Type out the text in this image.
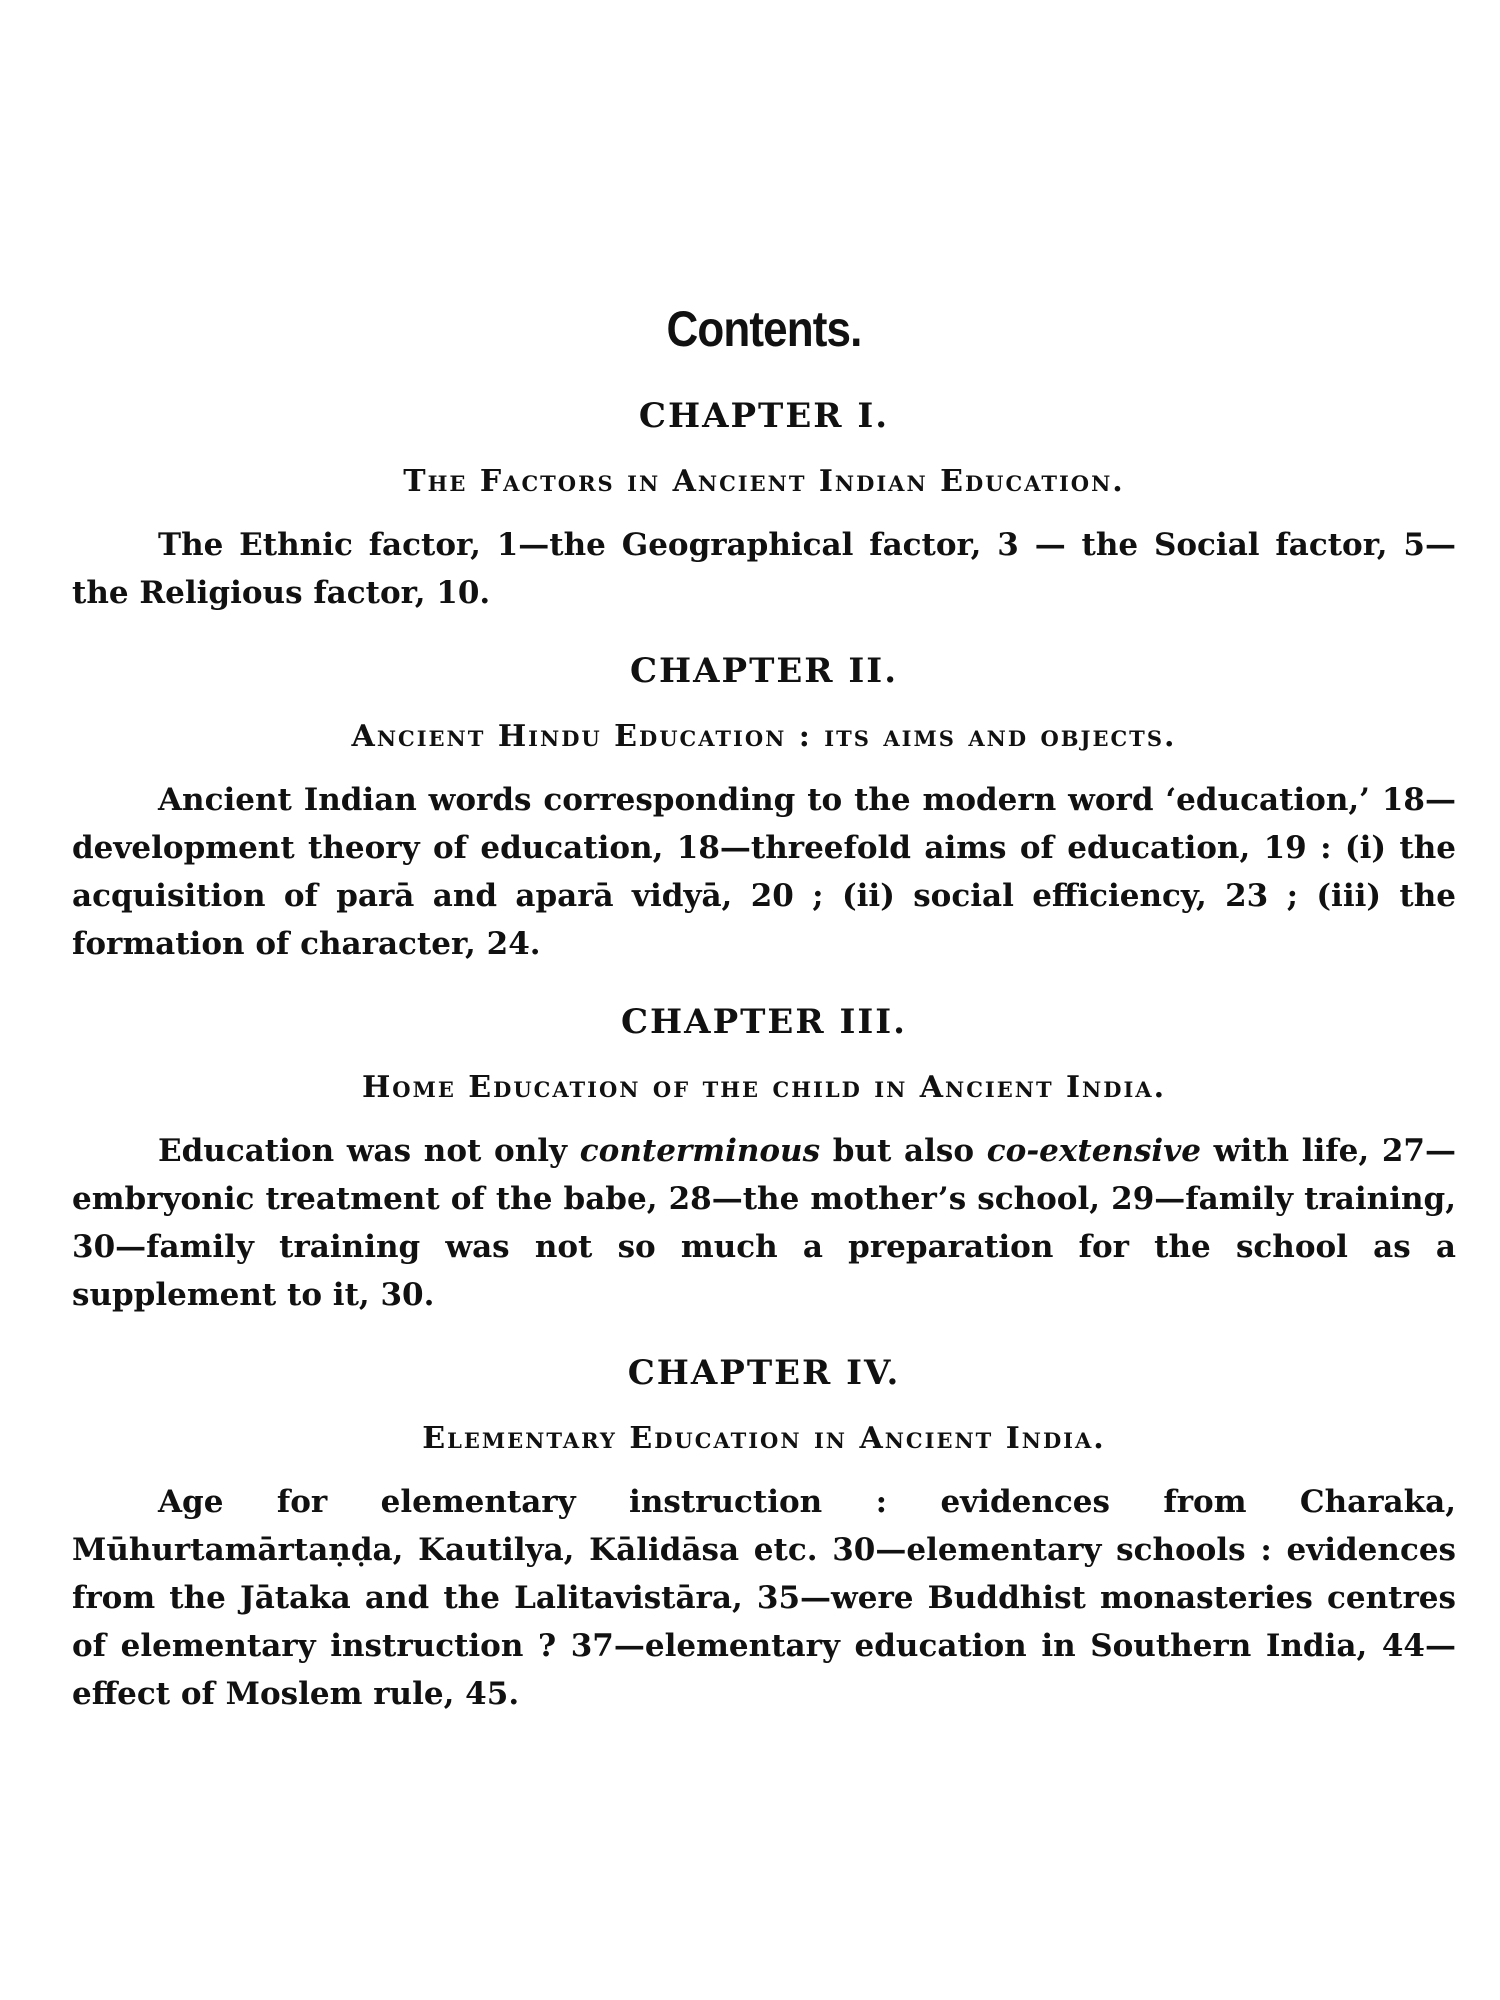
Contents.
CHAPTER I.
The Factors in Ancient Indian Education.

The Ethnic factor, 1—the Geographical factor, 3 — the Social factor, 5—the Religious factor, 10.

CHAPTER II.
Ancient Hindu Education : its aims and objects.

Ancient Indian words corresponding to the modern word ‘education,’ 18—development theory of education, 18—threefold aims of education, 19 : (i) the acquisition of parā and aparā vidyā, 20 ; (ii) social efficiency, 23 ; (iii) the formation of character, 24.

CHAPTER III.
Home Education of the child in Ancient India.

Education was not only conterminous but also co-extensive with life, 27—embryonic treatment of the babe, 28—the mother’s school, 29—family training, 30—family training was not so much a preparation for the school as a supplement to it, 30.

CHAPTER IV.
Elementary Education in Ancient India.

Age for elementary instruction : evidences from Charaka, Mūhurtamārtaṇḍa, Kautilya, Kālidāsa etc. 30—elementary schools : evidences from the Jātaka and the Lalitavistāra, 35—were Buddhist monasteries centres of elementary instruction ? 37—elementary education in Southern India, 44—effect of Moslem rule, 45.
